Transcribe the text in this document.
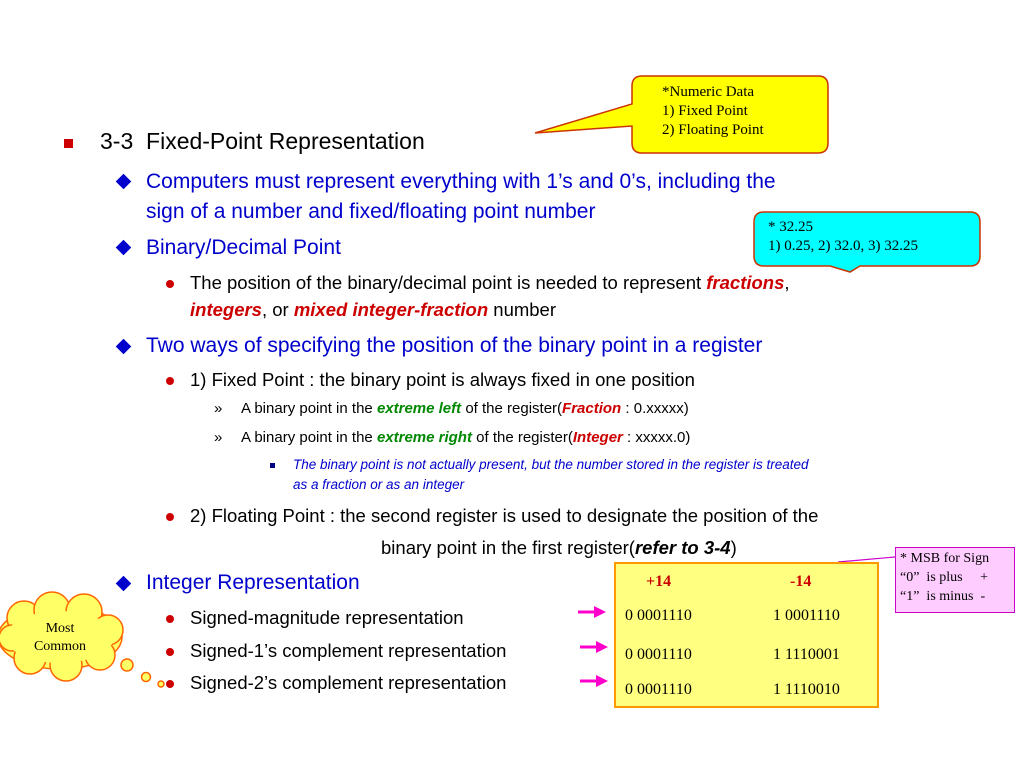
3-3 Fixed-Point Representation
Computers must represent everything with 1’s and 0’s, including the
sign of a number and fixed/floating point number
Binary/Decimal Point
The position of the binary/decimal point is needed to represent fractions,
integers, or mixed integer-fraction number
Two ways of specifying the position of the binary point in a register
1) Fixed Point : the binary point is always fixed in one position
» A binary point in the extreme left of the register(Fraction : 0.xxxxx)
» A binary point in the extreme right of the register(Integer : xxxxx.0)
The binary point is not actually present, but the number stored in the register is treated
as a fraction or as an integer
2) Floating Point : the second register is used to designate the position of the
binary point in the first register(refer to 3-4)
Integer Representation
Signed-magnitude representation
Signed-1’s complement representation
Signed-2’s complement representation
*Numeric Data
1) Fixed Point
2) Floating Point
* 32.25
1) 0.25, 2) 32.0, 3) 32.25
* MSB for Sign
“0”  is plus     +
“1”  is minus  -
Most
Common
+14	-14
0 0001110	1 0001110
0 0001110	1 1110001
0 0001110	1 1110010
